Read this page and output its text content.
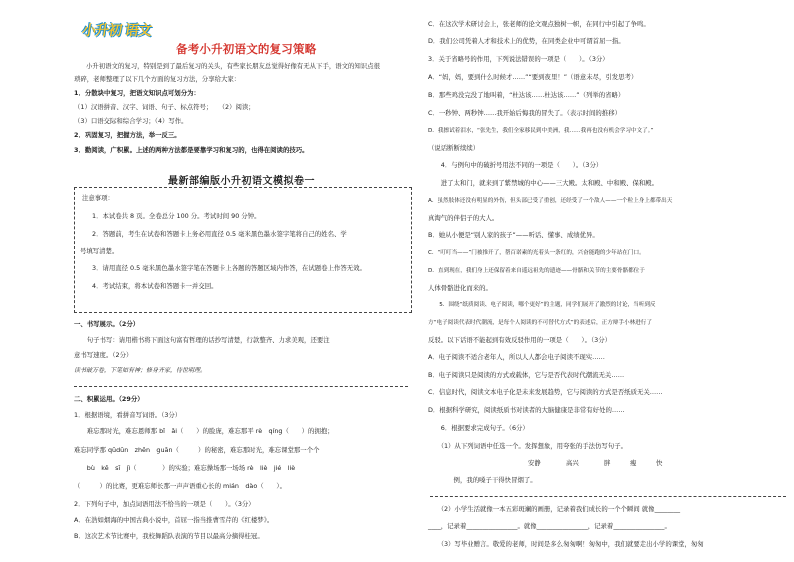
小升初 语文
备考小升初语文的复习策略
小升初语文的复习，特别是到了最后复习的关头，有些家长朋友总觉得好像有无从下手，语文的知识点很
琐碎，老师整理了以下几个方面的复习方法，分享给大家：
1．分散块中复习，把语文知识点可划分为：
（1）汉语拼音、汉字、词语、句子、标点符号；　　（2）阅读；
（3）口语交际和综合学习；（4）写作。
2．巩固复习，把握方法，举一反三。
3．勤阅读，广积累。上述的两种方法都是要靠学习和复习的，也得在阅读的技巧。
最新部编版小升初语文模拟卷一
注意事项：
1．本试卷共 8 页。全卷总分 100 分。考试时间 90 分钟。
2．答题前，考生在试卷和答题卡上务必用直径 0.5 毫米黑色墨水签字笔将自己的姓名、学
号填写清楚。
3．请用直径 0.5 毫米黑色墨水签字笔在答题卡上各题的答题区域内作答，在试题卷上作答无效。
4．考试结束，将本试卷和答题卡一并交回。
一、书写展示。（2分）
　　句子书写：请用楷书将下面这句富有哲理的话抄写清楚，行款整齐、力求美观，还要注
意书写速度。（2分）
读书破万卷，下笔如有神；修身齐家，待世明理。
二、积累运用。（29分）
1．根据语境，看拼音写词语。（3分）
　　难忘那时光，难忘恩师那 bǐ　ǎi（　　）的脸庞，难忘那平 rè　qíng（　　）的拥抱；
难忘同学那 qūdūn　zhēn　guān（　　　）的秘密，难忘那时光，难忘课堂那一个个
　　bù　kě　sī　jì（　　　　）的实验；难忘操场那一场场 rè　liè　jié　liè
（　　　）的比赛，更难忘师长那一声声语重心长的 mián　dào（　　）。
2．下列句子中，加点词语用法不恰当的一项是（　　）。（3分）
A．在浩如烟海的中国古典小说中，首屈一指当推曹雪芹的《红楼梦》。
B．这次艺术节比赛中，我校舞蹈队表演的节目以最高分摘得桂冠。
C．在这次学术研讨会上，张老师的论文观点独树一帜，在同行中引起了争鸣。
D．我们公司凭着人才和技术上的优势，在同类企业中可谓首屈一指。
3．关于省略号的作用，下列说法错误的一项是（　　）。（3分）
A．“妈，妈，要到什么时候才……”“要到夜里！”（语意未尽，引发思考）
B．那些鸡没完没了地叫着，“杜达该……杜达该……”（列举的省略）
C．一秒钟、两秒钟……我开始后悔我的冒失了。（表示时间的推移）
D．我擦试着泪水，“张先生，我们全家移民到中美洲，我……我再也没有机会学习中文了。”
（说话断断续续）
　　4．与例句中的破折号用法不同的一项是（　　）。（3分）
　　进了太和门，就来到了紫禁城的中心——三大殿。太和殿、中和殿、保和殿。
A．虽然肢体还没有明显的外伤，但头部已受了重创，还经受了一个敌人——一个粒上身上都带出天
真淘气的伴侣子的大人。
B．她从小便是“别人家的孩子”——听话、懂事、成绩优异。
C．“叮叮当——”门被推开了，帮百诺素的光着头一条红的，兴奋能跑的少年站在门口。
D．直到现在，我们身上还保留着来自遥远祖先的遗迹——骨骼和关节的主要骨骼都位于
人体骨骼进化而来的。
　　5．围绕“纸质阅读、电子阅读，哪个更好”的主题，同学们展开了激烈的讨论，当听到反
方“电子阅读代表时代潮流，是每个人阅读的不可替代方式”的表述后，正方辩手小林进行了
反驳。以下话语不能起到有效反驳作用的一项是（　　）。（3分）
A．电子阅读不适合老年人，所以人人都会电子阅读不现实……
B．电子阅读只是阅读的方式或载体，它与是否代表时代潮流无关……
C．信息时代，阅读文本电子化是未来发展趋势，它与阅读的方式是否纸质无关……
D．根据科学研究，阅读纸质书对读者的大脑健康是非常有好处的……
　　6．根据要求完成句子。（6分）
　　（1）从下列词语中任选一个。发挥想象，用夸张的手法仿写句子。
安静	高兴	胖	瘦	快
　　　　例，我的嗓子干得快冒烟了。
　　（2）小学生活就像一本五彩斑斓的画册，记录着我们成长的一个个瞬间 就像________
____，记录着________________。就像________________，记录着________________。
　　（3）写毕业赠言。敬爱的老师，时间是多么匆匆啊！匆匆中，我们就要走出小学的课堂，匆匆
